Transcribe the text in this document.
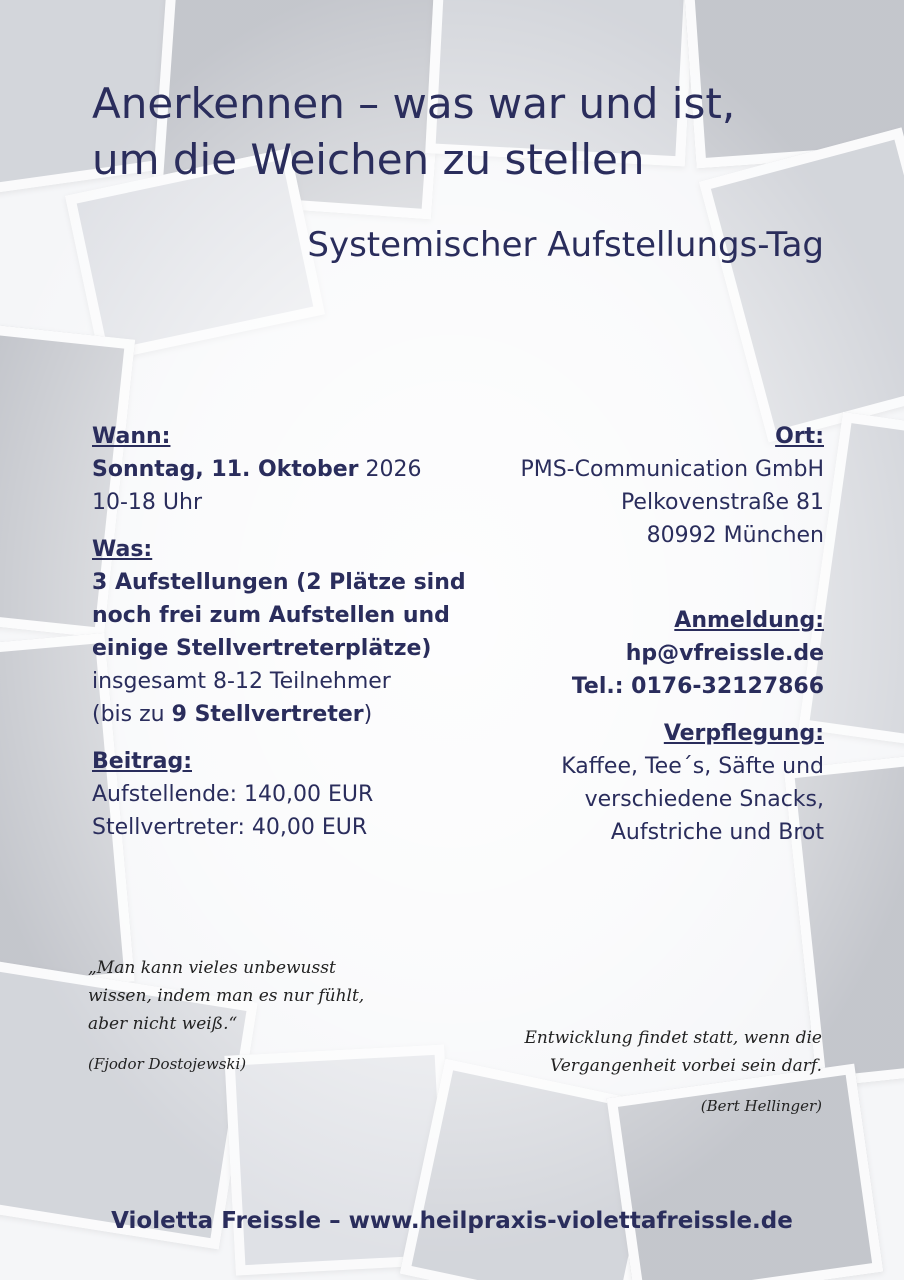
Anerkennen – was war und ist,
um die Weichen zu stellen
Systemischer Aufstellungs-Tag
Wann:
Sonntag, 11. Oktober 2026
10-18 Uhr
Was:
3 Aufstellungen (2 Plätze sind
noch frei zum Aufstellen und
einige Stellvertreterplätze)
insgesamt 8-12 Teilnehmer
(bis zu 9 Stellvertreter)
Beitrag:
Aufstellende: 140,00 EUR
Stellvertreter: 40,00 EUR
Ort:
PMS-Communication GmbH
Pelkovenstraße 81
80992 München
Anmeldung:
hp@vfreissle.de
Tel.: 0176-32127866
Verpflegung:
Kaffee, Tee´s, Säfte und
verschiedene Snacks,
Aufstriche und Brot
„Man kann vieles unbewusst
wissen, indem man es nur fühlt,
aber nicht weiß.“
(Fjodor Dostojewski)
Entwicklung findet statt, wenn die
Vergangenheit vorbei sein darf.
(Bert Hellinger)
Violetta Freissle – www.heilpraxis-violettafreissle.de
